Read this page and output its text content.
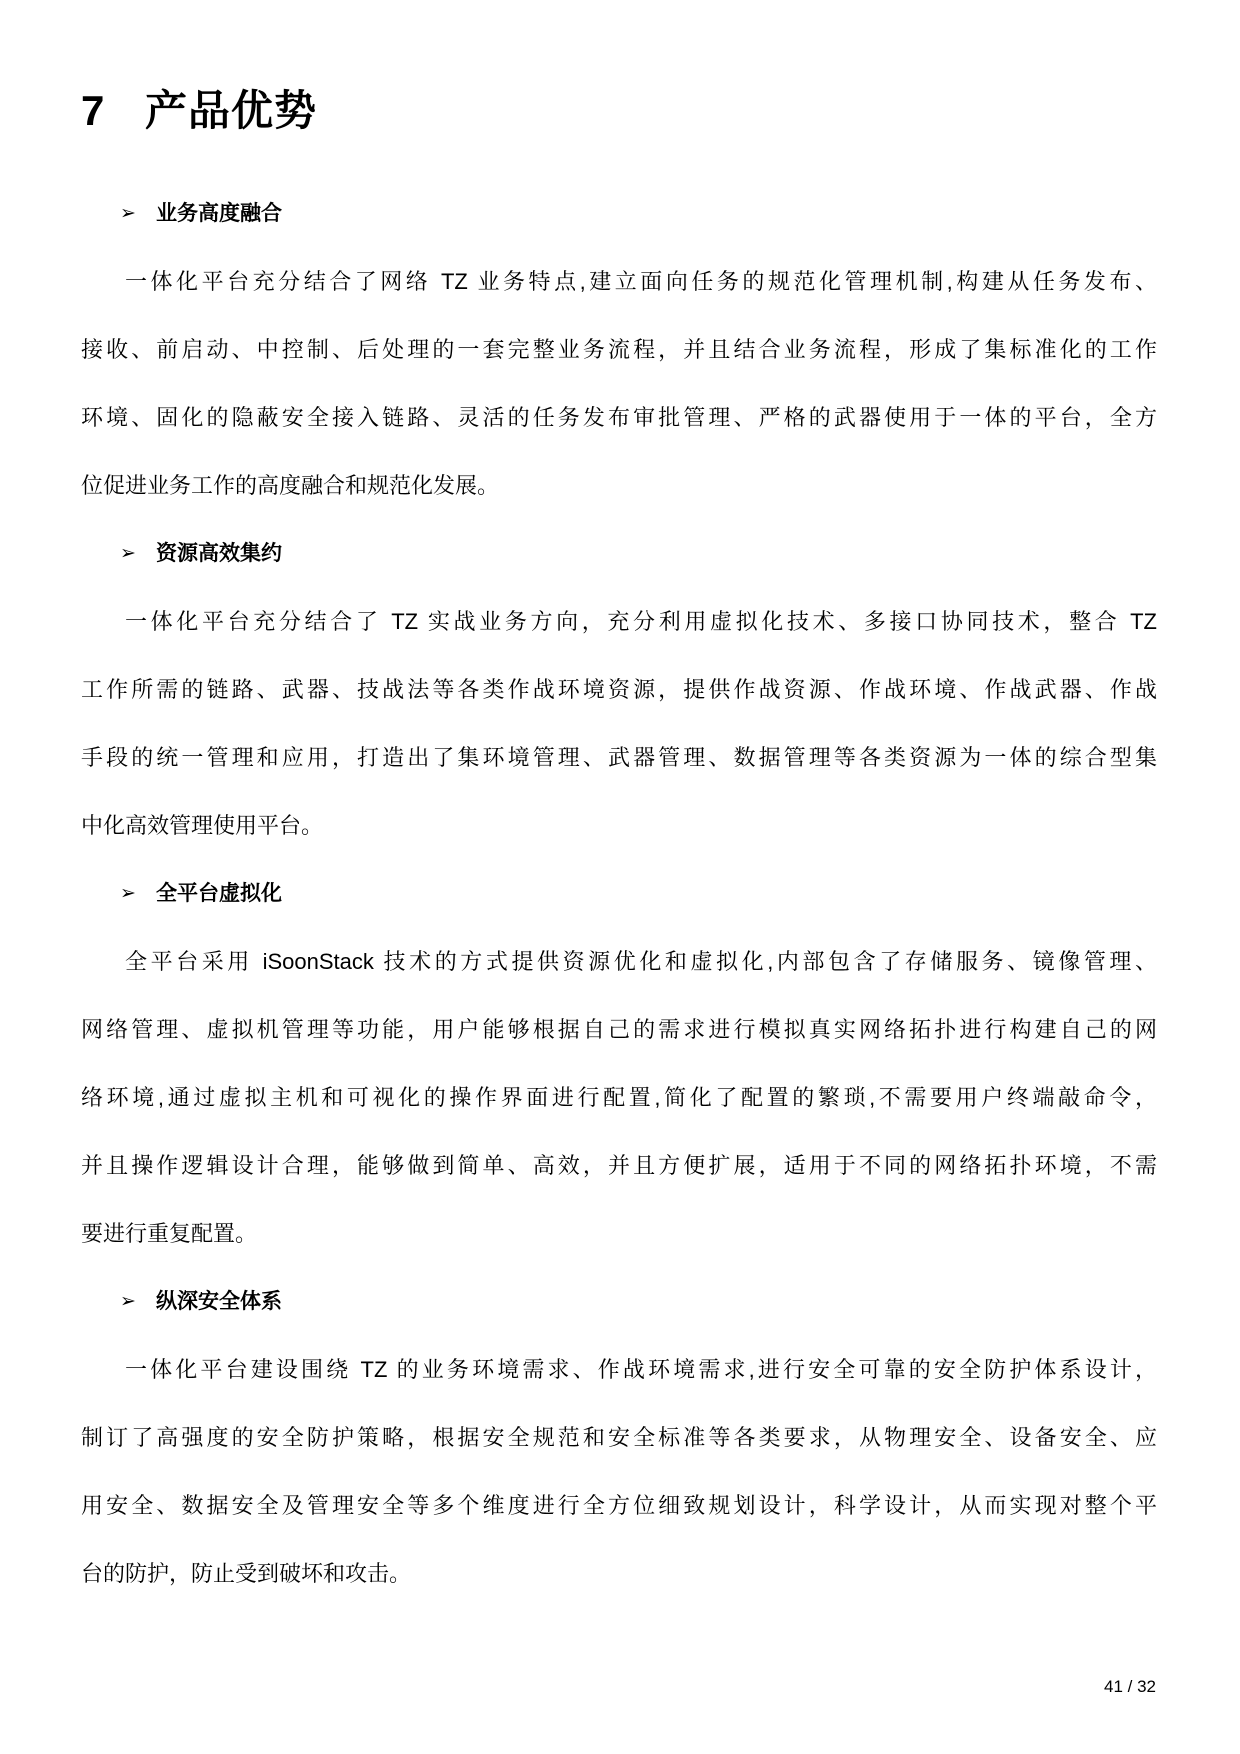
7 产品优势
➢ 业务高度融合
一体化平台充分结合了网络 TZ 业务特点,建立面向任务的规范化管理机制,构建从任务发布、
接收、前启动、中控制、后处理的一套完整业务流程，并且结合业务流程，形成了集标准化的工作
环境、固化的隐蔽安全接入链路、灵活的任务发布审批管理、严格的武器使用于一体的平台，全方
位促进业务工作的高度融合和规范化发展。
➢ 资源高效集约
一体化平台充分结合了 TZ 实战业务方向，充分利用虚拟化技术、多接口协同技术，整合 TZ
工作所需的链路、武器、技战法等各类作战环境资源，提供作战资源、作战环境、作战武器、作战
手段的统一管理和应用，打造出了集环境管理、武器管理、数据管理等各类资源为一体的综合型集
中化高效管理使用平台。
➢ 全平台虚拟化
全平台采用 iSoonStack 技术的方式提供资源优化和虚拟化,内部包含了存储服务、镜像管理、
网络管理、虚拟机管理等功能，用户能够根据自己的需求进行模拟真实网络拓扑进行构建自己的网
络环境,通过虚拟主机和可视化的操作界面进行配置,简化了配置的繁琐,不需要用户终端敲命令，
并且操作逻辑设计合理，能够做到简单、高效，并且方便扩展，适用于不同的网络拓扑环境，不需
要进行重复配置。
➢ 纵深安全体系
一体化平台建设围绕 TZ 的业务环境需求、作战环境需求,进行安全可靠的安全防护体系设计，
制订了高强度的安全防护策略，根据安全规范和安全标准等各类要求，从物理安全、设备安全、应
用安全、数据安全及管理安全等多个维度进行全方位细致规划设计，科学设计，从而实现对整个平
台的防护，防止受到破坏和攻击。
41 / 32
